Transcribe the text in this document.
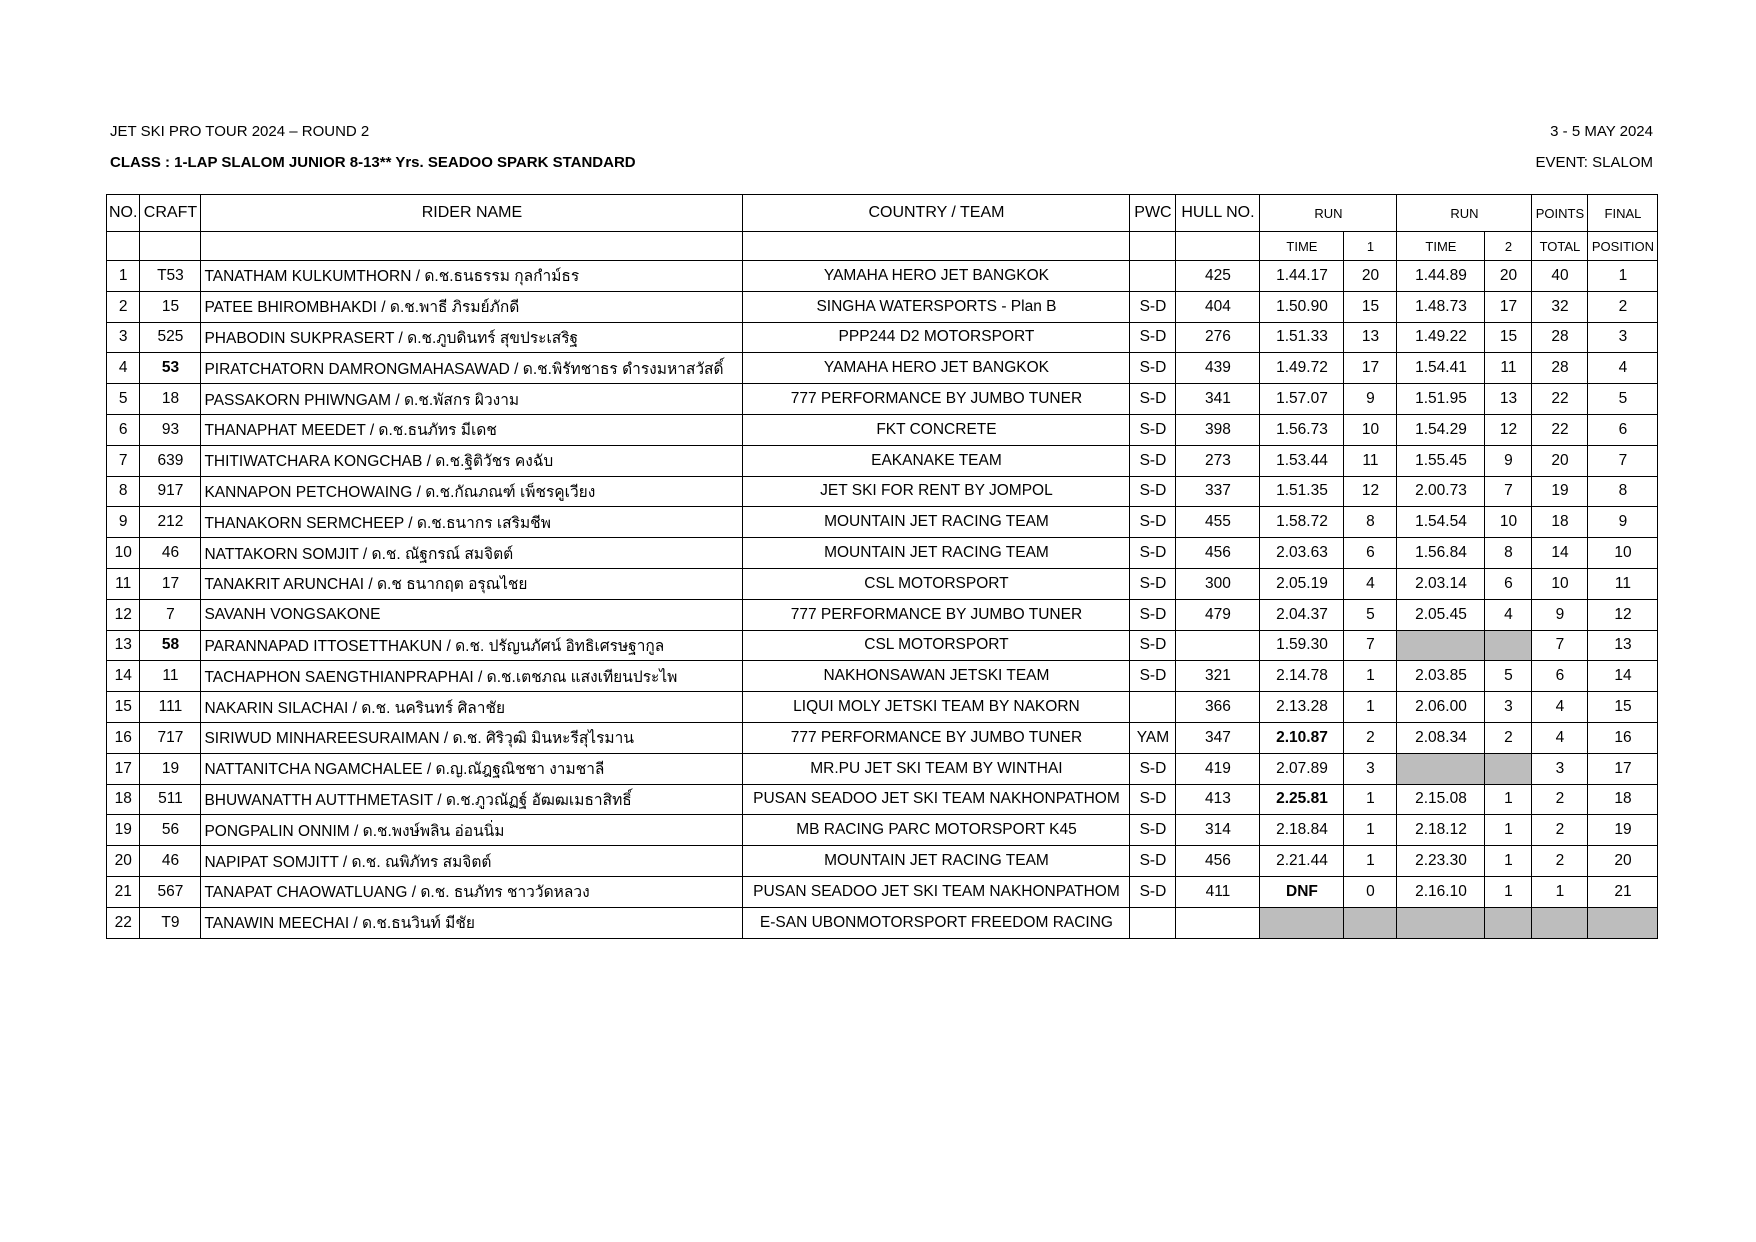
JET SKI PRO TOUR 2024 – ROUND 2	3 - 5 MAY 2024
CLASS : 1-LAP SLALOM JUNIOR 8-13** Yrs. SEADOO SPARK STANDARD	EVENT: SLALOM
NO.	CRAFT	RIDER NAME	COUNTRY / TEAM	PWC	HULL NO.	RUN		RUN		POINTS	FINAL
						TIME	1	TIME	2	TOTAL	POSITION
1	T53	TANATHAM KULKUMTHORN / ด.ช.ธนธรรม กุลกำม์ธร	YAMAHA HERO JET BANGKOK		425	1.44.17	20	1.44.89	20	40	1
2	15	PATEE BHIROMBHAKDI / ด.ช.พาธี ภิรมย์ภักดี	SINGHA WATERSPORTS - Plan B	S-D	404	1.50.90	15	1.48.73	17	32	2
3	525	PHABODIN SUKPRASERT / ด.ช.ภูบดินทร์ สุขประเสริฐ	PPP244 D2 MOTORSPORT	S-D	276	1.51.33	13	1.49.22	15	28	3
4	53	PIRATCHATORN DAMRONGMAHASAWAD / ด.ช.พิรัทชาธร ดำรงมหาสวัสดิ์	YAMAHA HERO JET BANGKOK	S-D	439	1.49.72	17	1.54.41	11	28	4
5	18	PASSAKORN PHIWNGAM / ด.ช.พัสกร ผิวงาม	777 PERFORMANCE BY JUMBO TUNER	S-D	341	1.57.07	9	1.51.95	13	22	5
6	93	THANAPHAT MEEDET / ด.ช.ธนภัทร มีเดช	FKT CONCRETE	S-D	398	1.56.73	10	1.54.29	12	22	6
7	639	THITIWATCHARA KONGCHAB / ด.ช.ฐิติวัชร คงฉับ	EAKANAKE TEAM	S-D	273	1.53.44	11	1.55.45	9	20	7
8	917	KANNAPON PETCHOWAING / ด.ช.กัณภณฑ์ เพ็ชรคูเวียง	JET SKI FOR RENT BY JOMPOL	S-D	337	1.51.35	12	2.00.73	7	19	8
9	212	THANAKORN SERMCHEEP / ด.ช.ธนากร เสริมชีพ	MOUNTAIN JET RACING TEAM	S-D	455	1.58.72	8	1.54.54	10	18	9
10	46	NATTAKORN SOMJIT / ด.ช. ณัฐกรณ์ สมจิตต์	MOUNTAIN JET RACING TEAM	S-D	456	2.03.63	6	1.56.84	8	14	10
11	17	TANAKRIT ARUNCHAI / ด.ช ธนากฤต อรุณไชย	CSL MOTORSPORT	S-D	300	2.05.19	4	2.03.14	6	10	11
12	7	SAVANH VONGSAKONE	777 PERFORMANCE BY JUMBO TUNER	S-D	479	2.04.37	5	2.05.45	4	9	12
13	58	PARANNAPAD ITTOSETTHAKUN / ด.ช. ปรัญนภัศน์ อิทธิเศรษฐากูล	CSL MOTORSPORT	S-D		1.59.30	7			7	13
14	11	TACHAPHON SAENGTHIANPRAPHAI / ด.ช.เตชภณ แสงเทียนประไพ	NAKHONSAWAN JETSKI TEAM	S-D	321	2.14.78	1	2.03.85	5	6	14
15	111	NAKARIN SILACHAI / ด.ช. นครินทร์ ศิลาชัย	LIQUI MOLY JETSKI TEAM BY NAKORN		366	2.13.28	1	2.06.00	3	4	15
16	717	SIRIWUD MINHAREESURAIMAN / ด.ช. ศิริวุฒิ มินหะรีสุไรมาน	777 PERFORMANCE BY JUMBO TUNER	YAM	347	2.10.87	2	2.08.34	2	4	16
17	19	NATTANITCHA NGAMCHALEE / ด.ญ.ณัฎฐณิชชา งามชาลี	MR.PU JET SKI TEAM BY WINTHAI	S-D	419	2.07.89	3			3	17
18	511	BHUWANATTH AUTTHMETASIT / ด.ช.ภูวณัฏฐ์ อัฒฒเมธาสิทธิ์	PUSAN SEADOO JET SKI TEAM NAKHONPATHOM	S-D	413	2.25.81	1	2.15.08	1	2	18
19	56	PONGPALIN ONNIM / ด.ช.พงษ์พลิน อ่อนนิ่ม	MB RACING PARC MOTORSPORT K45	S-D	314	2.18.84	1	2.18.12	1	2	19
20	46	NAPIPAT SOMJITT / ด.ช. ณพิภัทร สมจิตต์	MOUNTAIN JET RACING TEAM	S-D	456	2.21.44	1	2.23.30	1	2	20
21	567	TANAPAT CHAOWATLUANG / ด.ช. ธนภัทร ชาววัดหลวง	PUSAN SEADOO JET SKI TEAM NAKHONPATHOM	S-D	411	DNF	0	2.16.10	1	1	21
22	T9	TANAWIN MEECHAI / ด.ช.ธนวินท์ มีชัย	E-SAN UBONMOTORSPORT FREEDOM RACING								
